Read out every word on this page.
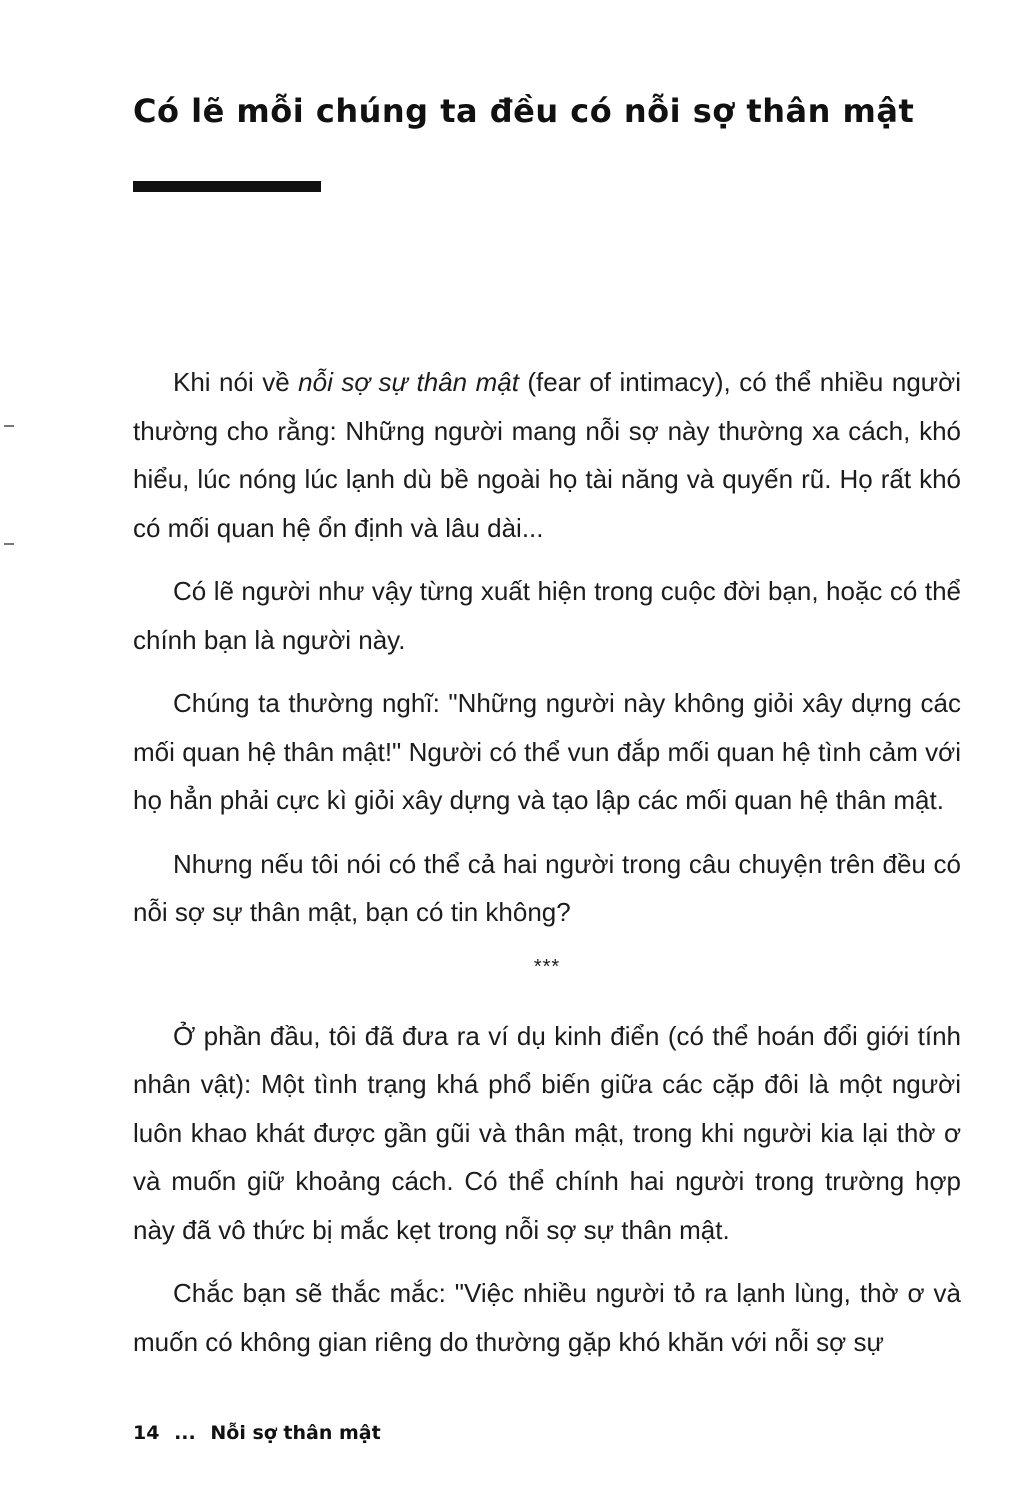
Có lẽ mỗi chúng ta đều có nỗi sợ thân mật

Khi nói về nỗi sợ sự thân mật (fear of intimacy), có thể nhiều người thường cho rằng: Những người mang nỗi sợ này thường xa cách, khó hiểu, lúc nóng lúc lạnh dù bề ngoài họ tài năng và quyến rũ. Họ rất khó có mối quan hệ ổn định và lâu dài...

Có lẽ người như vậy từng xuất hiện trong cuộc đời bạn, hoặc có thể chính bạn là người này.

Chúng ta thường nghĩ: "Những người này không giỏi xây dựng các mối quan hệ thân mật!" Người có thể vun đắp mối quan hệ tình cảm với họ hẳn phải cực kì giỏi xây dựng và tạo lập các mối quan hệ thân mật.

Nhưng nếu tôi nói có thể cả hai người trong câu chuyện trên đều có nỗi sợ sự thân mật, bạn có tin không?

***

Ở phần đầu, tôi đã đưa ra ví dụ kinh điển (có thể hoán đổi giới tính nhân vật): Một tình trạng khá phổ biến giữa các cặp đôi là một người luôn khao khát được gần gũi và thân mật, trong khi người kia lại thờ ơ và muốn giữ khoảng cách. Có thể chính hai người trong trường hợp này đã vô thức bị mắc kẹt trong nỗi sợ sự thân mật.

Chắc bạn sẽ thắc mắc: "Việc nhiều người tỏ ra lạnh lùng, thờ ơ và muốn có không gian riêng do thường gặp khó khăn với nỗi sợ sự

14 ... Nỗi sợ thân mật
